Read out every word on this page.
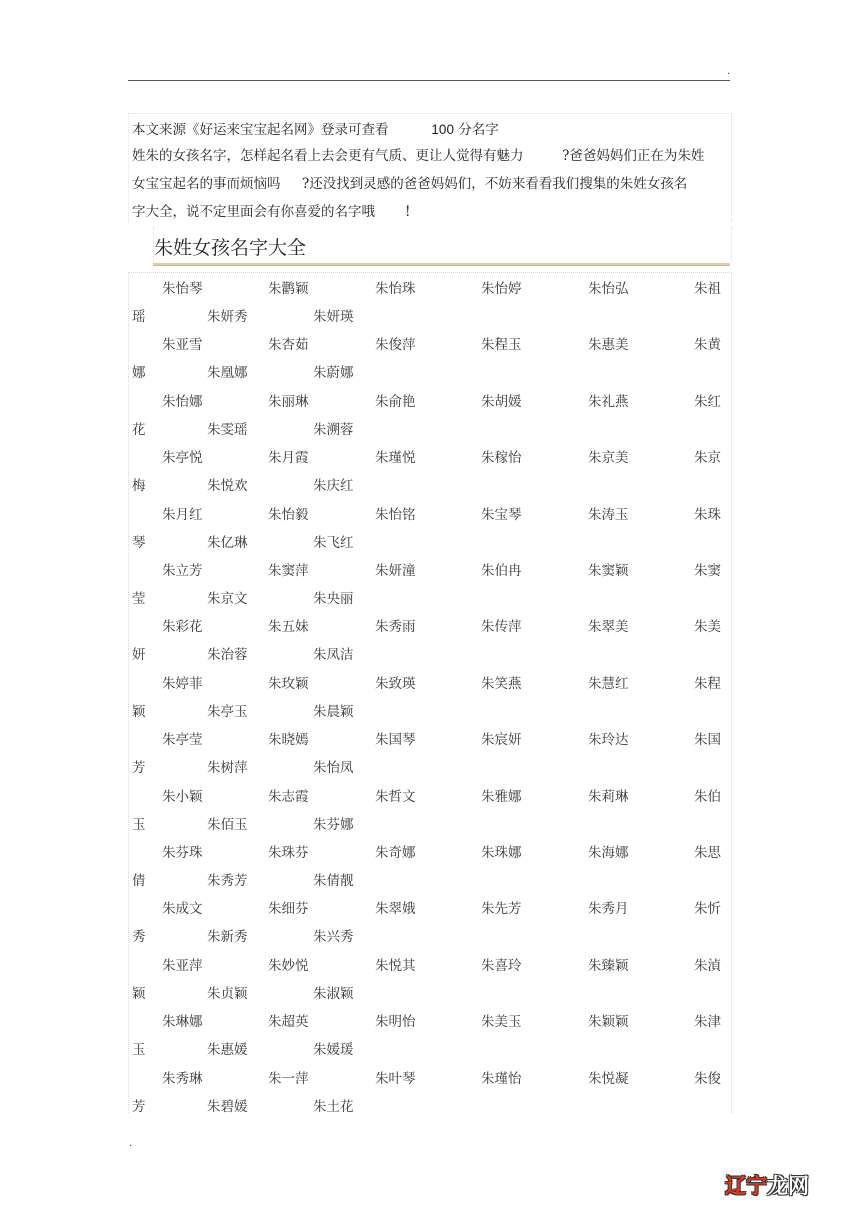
.
本文来源《好运来宝宝起名网》登录可查看	100 分名字
姓朱的女孩名字，怎样起名看上去会更有气质、更让人觉得有魅力	?爸爸妈妈们正在为朱姓
女宝宝起名的事而烦恼吗 ?还没找到灵感的爸爸妈妈们，不妨来看看我们搜集的朱姓女孩名
字大全，说不定里面会有你喜爱的名字哦 !
朱姓女孩名字大全
朱怡琴	朱鹳颖	朱怡珠	朱怡婷	朱怡弘	朱祖
瑶	朱妍秀	朱妍瑛
朱亚雪	朱杏茹	朱俊萍	朱程玉	朱惠美	朱黄
娜	朱凰娜	朱蔚娜
朱怡娜	朱丽琳	朱俞艳	朱胡媛	朱礼燕	朱红
花	朱雯瑶	朱溯蓉
朱亭悦	朱月霞	朱瑾悦	朱稼怡	朱京美	朱京
梅	朱悦欢	朱庆红
朱月红	朱怡毅	朱怡铭	朱宝琴	朱涛玉	朱珠
琴	朱亿琳	朱飞红
朱立芳	朱窦萍	朱妍潼	朱伯冉	朱窦颖	朱窦
莹	朱京文	朱央丽
朱彩花	朱五妹	朱秀雨	朱传萍	朱翠美	朱美
妍	朱治蓉	朱凤洁
朱婷菲	朱玫颖	朱致瑛	朱笑燕	朱慧红	朱程
颖	朱亭玉	朱晨颖
朱亭莹	朱晓嫣	朱国琴	朱宸妍	朱玲达	朱国
芳	朱树萍	朱怡凤
朱小颖	朱志霞	朱哲文	朱雅娜	朱莉琳	朱伯
玉	朱佰玉	朱芬娜
朱芬珠	朱珠芬	朱奇娜	朱珠娜	朱海娜	朱思
倩	朱秀芳	朱倩靓
朱成文	朱细芬	朱翠娥	朱先芳	朱秀月	朱忻
秀	朱新秀	朱兴秀
朱亚萍	朱妙悦	朱悦其	朱喜玲	朱臻颖	朱湞
颖	朱贞颖	朱淑颖
朱琳娜	朱超英	朱明怡	朱美玉	朱颖颖	朱津
玉	朱惠媛	朱媛瑗
朱秀琳	朱一萍	朱叶琴	朱瑾怡	朱悦凝	朱俊
芳	朱碧媛	朱土花
.
辽宁龙网
